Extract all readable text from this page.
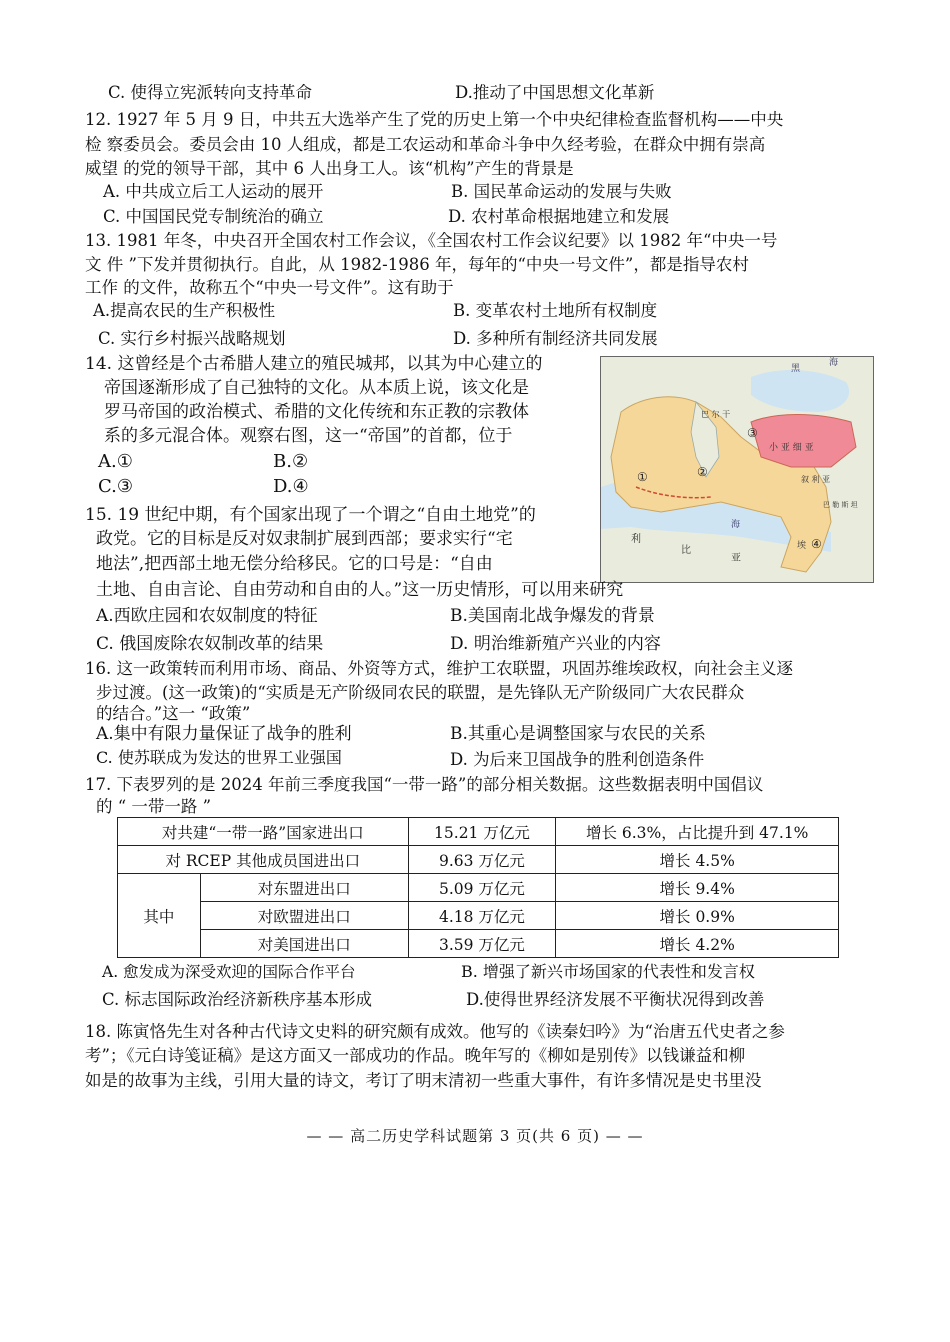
C. 使得立宪派转向支持革命	D.推动了中国思想文化革新
12. 1927 年 5 月 9 日，中共五大选举产生了党的历史上第一个中央纪律检查监督机构——中央
检 察委员会。委员会由 10 人组成，都是工农运动和革命斗争中久经考验，在群众中拥有崇高
威望 的党的领导干部，其中 6 人出身工人。该“机构”产生的背景是
A. 中共成立后工人运动的展开	B. 国民革命运动的发展与失败
C. 中国国民党专制统治的确立	D. 农村革命根据地建立和发展
13. 1981 年冬，中央召开全国农村工作会议，《全国农村工作会议纪要》以 1982 年“中央一号
文 件 ”下发并贯彻执行。自此，从 1982-1986 年，每年的“中央一号文件”，都是指导农村
工作 的文件，故称五个“中央一号文件”。这有助于
A.提高农民的生产积极性	B. 变革农村土地所有权制度
C. 实行乡村振兴战略规划	D. 多种所有制经济共同发展
14. 这曾经是个古希腊人建立的殖民城邦，以其为中心建立的
帝国逐渐形成了自己独特的文化。从本质上说，该文化是
罗马帝国的政治模式、希腊的文化传统和东正教的宗教体
系的多元混合体。观察右图，这一“帝国”的首都，位于
A.①	B.②
C.③	D.④	①	②
③
④
小 亚 细 亚
巴 尔 干
利
比
亚
叙 利 亚
巴 勒 斯 坦
海
黑
海
埃
15. 19 世纪中期，有个国家出现了一个谓之“自由土地党”的
政党。它的目标是反对奴隶制扩展到西部；要求实行“宅
地法”,把西部土地无偿分给移民。它的口号是：“自由
土地、自由言论、自由劳动和自由的人。”这一历史情形，可以用来研究
A.西欧庄园和农奴制度的特征	B.美国南北战争爆发的背景
C. 俄国废除农奴制改革的结果	D. 明治维新殖产兴业的内容
16. 这一政策转而利用市场、商品、外资等方式，维护工农联盟，巩固苏维埃政权，向社会主义逐
步过渡。(这一政策)的“实质是无产阶级同农民的联盟，是先锋队无产阶级同广大农民群众
的结合。”这一 “政策”
A.集中有限力量保证了战争的胜利	B.其重心是调整国家与农民的关系
C. 使苏联成为发达的世界工业强国	D. 为后来卫国战争的胜利创造条件
17. 下表罗列的是 2024 年前三季度我国“一带一路”的部分相关数据。这些数据表明中国倡议
的 “ 一带一路 ”
对共建“一带一路”国家进出口		15.21 万亿元	增长 6.3%，占比提升到 47.1%
对 RCEP 其他成员国进出口		9.63 万亿元	增长 4.5%
其中	对东盟进出口	5.09 万亿元	增长 9.4%
	对欧盟进出口	4.18 万亿元	增长 0.9%
	对美国进出口	3.59 万亿元	增长 4.2%
A. 愈发成为深受欢迎的国际合作平台	B. 增强了新兴市场国家的代表性和发言权
C. 标志国际政治经济新秩序基本形成	D.使得世界经济发展不平衡状况得到改善
18. 陈寅恪先生对各种古代诗文史料的研究颇有成效。他写的《读秦妇吟》为“治唐五代史者之参
考”；《元白诗笺证稿》是这方面又一部成功的作品。晚年写的《柳如是别传》以钱谦益和柳
如是的故事为主线，引用大量的诗文，考订了明末清初一些重大事件，有许多情况是史书里没
— — 高二历史学科试题第 3 页(共 6 页) — —
